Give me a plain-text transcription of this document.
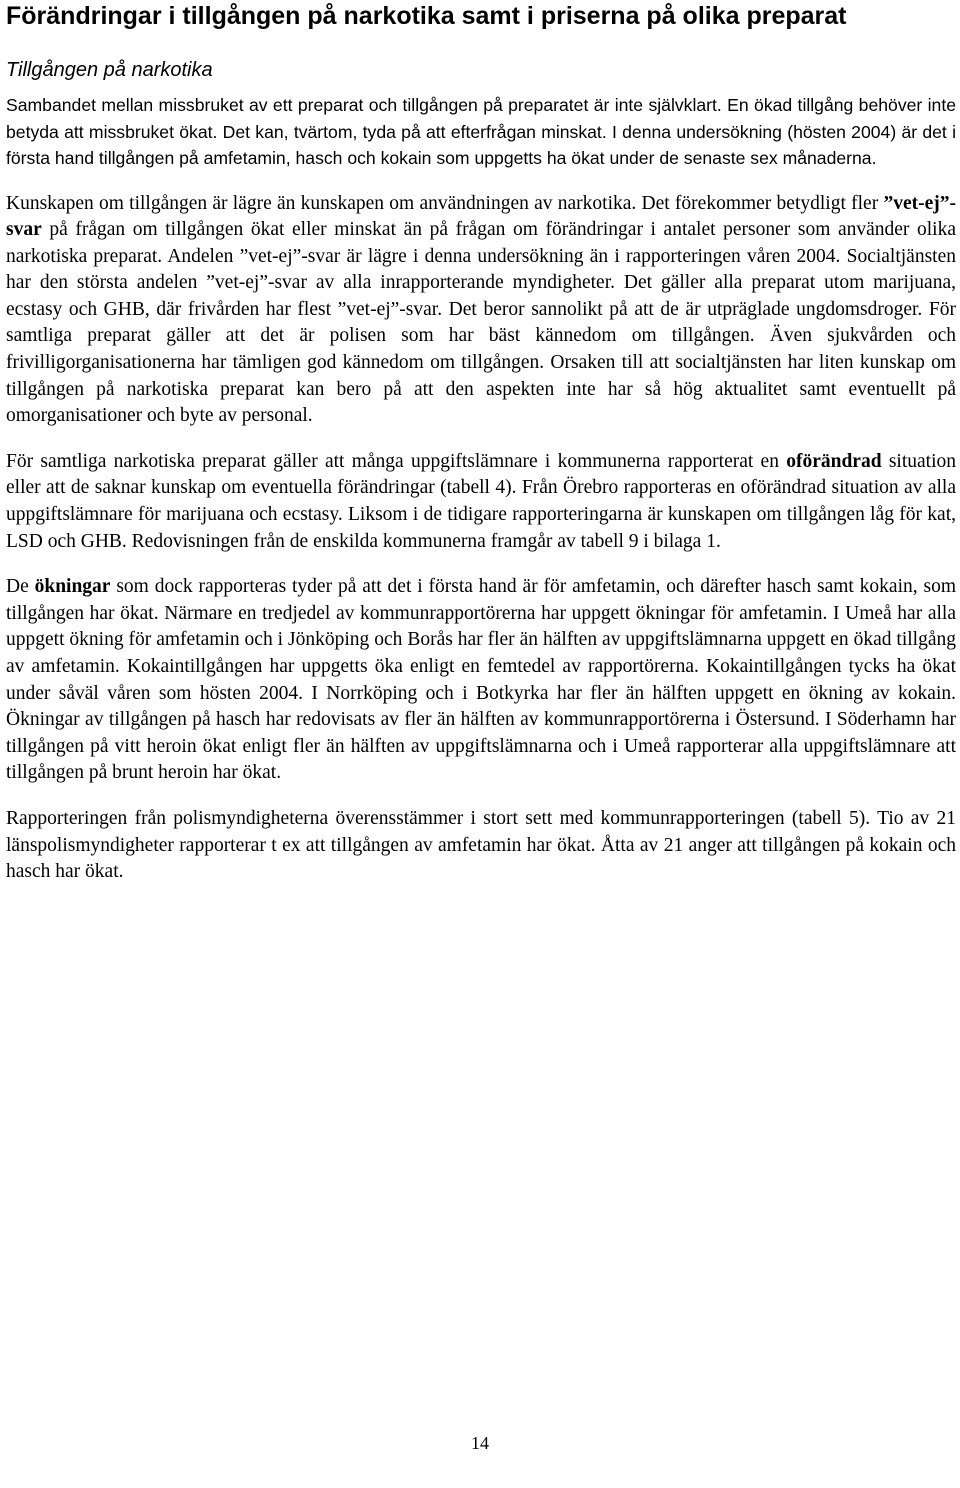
Förändringar i tillgången på narkotika samt i priserna på olika preparat
Tillgången på narkotika

Sambandet mellan missbruket av ett preparat och tillgången på preparatet är inte självklart. En ökad tillgång behöver inte betyda att missbruket ökat. Det kan, tvärtom, tyda på att efterfrågan minskat. I denna undersökning (hösten 2004) är det i första hand tillgången på amfetamin, hasch och kokain som uppgetts ha ökat under de senaste sex månaderna.

Kunskapen om tillgången är lägre än kunskapen om användningen av narkotika. Det förekommer betydligt fler ”vet-ej”-svar på frågan om tillgången ökat eller minskat än på frågan om förändringar i antalet personer som använder olika narkotiska preparat. Andelen ”vet-ej”-svar är lägre i denna undersökning än i rapporteringen våren 2004. Socialtjänsten har den största andelen ”vet-ej”-svar av alla inrapporterande myndigheter. Det gäller alla preparat utom marijuana, ecstasy och GHB, där frivården har flest ”vet-ej”-svar. Det beror sannolikt på att de är utpräglade ungdomsdroger. För samtliga preparat gäller att det är polisen som har bäst kännedom om tillgången. Även sjukvården och frivilligorganisationerna har tämligen god kännedom om tillgången. Orsaken till att socialtjänsten har liten kunskap om tillgången på narkotiska preparat kan bero på att den aspekten inte har så hög aktualitet samt eventuellt på omorganisationer och byte av personal.

För samtliga narkotiska preparat gäller att många uppgiftslämnare i kommunerna rapporterat en oförändrad situation eller att de saknar kunskap om eventuella förändringar (tabell 4). Från Örebro rapporteras en oförändrad situation av alla uppgiftslämnare för marijuana och ecstasy. Liksom i de tidigare rapporteringarna är kunskapen om tillgången låg för kat, LSD och GHB. Redovisningen från de enskilda kommunerna framgår av tabell 9 i bilaga 1.

De ökningar som dock rapporteras tyder på att det i första hand är för amfetamin, och därefter hasch samt kokain, som tillgången har ökat. Närmare en tredjedel av kommunrapportörerna har uppgett ökningar för amfetamin. I Umeå har alla uppgett ökning för amfetamin och i Jönköping och Borås har fler än hälften av uppgiftslämnarna uppgett en ökad tillgång av amfetamin. Kokaintillgången har uppgetts öka enligt en femtedel av rapportörerna. Kokaintillgången tycks ha ökat under såväl våren som hösten 2004. I Norrköping och i Botkyrka har fler än hälften uppgett en ökning av kokain. Ökningar av tillgången på hasch har redovisats av fler än hälften av kommunrapportörerna i Östersund. I Söderhamn har tillgången på vitt heroin ökat enligt fler än hälften av uppgiftslämnarna och i Umeå rapporterar alla uppgiftslämnare att tillgången på brunt heroin har ökat.

Rapporteringen från polismyndigheterna överensstämmer i stort sett med kommunrapporteringen (tabell 5). Tio av 21 länspolismyndigheter rapporterar t ex att tillgången av amfetamin har ökat. Åtta av 21 anger att tillgången på kokain och hasch har ökat.

14
